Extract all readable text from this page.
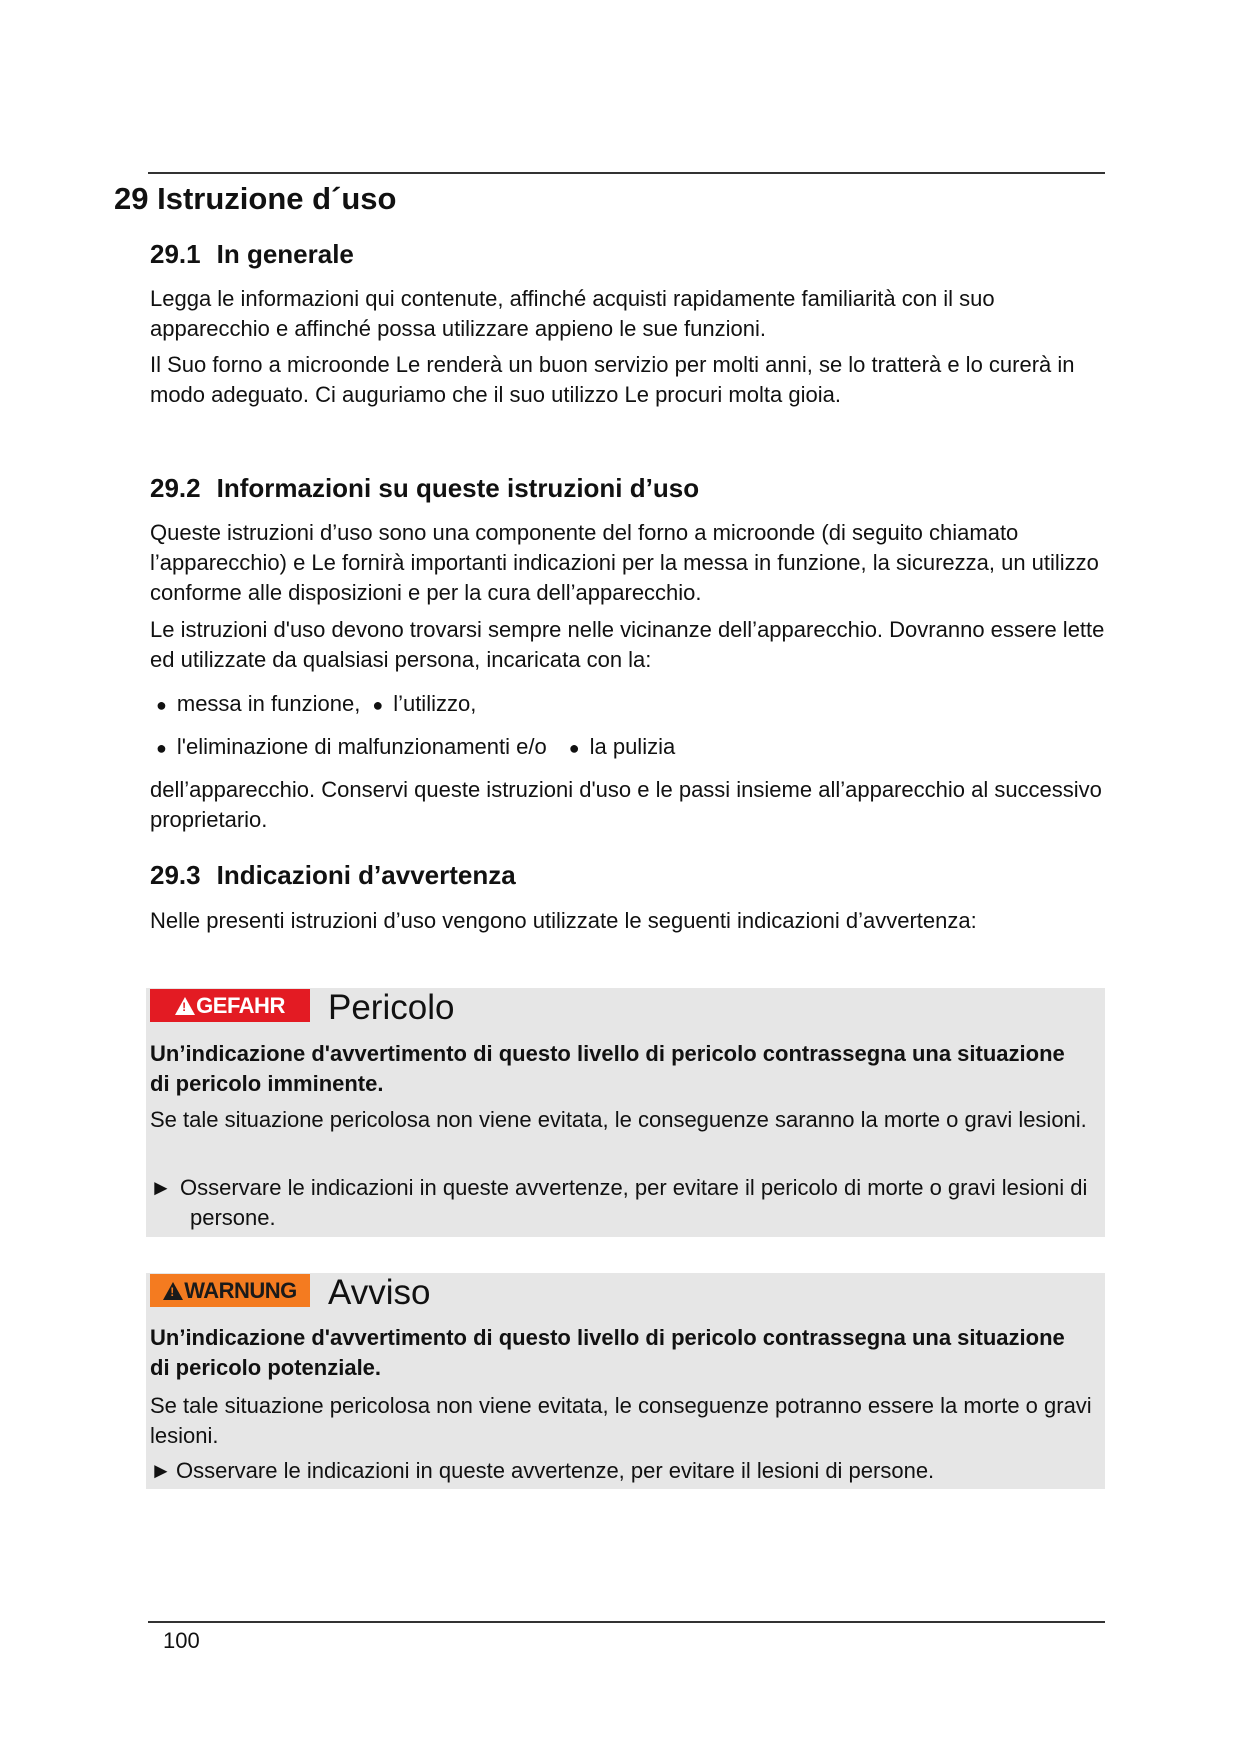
29 Istruzione d´uso
29.1 In generale

Legga le informazioni qui contenute, affinché acquisti rapidamente familiarità con il suo apparecchio e affinché possa utilizzare appieno le sue funzioni.

Il Suo forno a microonde Le renderà un buon servizio per molti anni, se lo tratterà e lo curerà in modo adeguato. Ci auguriamo che il suo utilizzo Le procuri molta gioia.

29.2 Informazioni su queste istruzioni d’uso

Queste istruzioni d’uso sono una componente del forno a microonde (di seguito chiamato l’apparecchio) e Le fornirà importanti indicazioni per la messa in funzione, la sicurezza, un utilizzo conforme alle disposizioni e per la cura dell’apparecchio.

Le istruzioni d'uso devono trovarsi sempre nelle vicinanze dell’apparecchio. Dovranno essere lette ed utilizzate da qualsiasi persona, incaricata con la:

● messa in funzione, ● l’utilizzo,
● l'eliminazione di malfunzionamenti e/o ● la pulizia

dell’apparecchio. Conservi queste istruzioni d'uso e le passi insieme all’apparecchio al successivo proprietario.

29.3 Indicazioni d’avvertenza

Nelle presenti istruzioni d’uso vengono utilizzate le seguenti indicazioni d’avvertenza:

!GEFAHR	Pericolo

Un’indicazione d'avvertimento di questo livello di pericolo contrassegna una situazione di pericolo imminente.

Se tale situazione pericolosa non viene evitata, le conseguenze saranno la morte o gravi lesioni.

► Osservare le indicazioni in queste avvertenze, per evitare il pericolo di morte o gravi lesioni di persone.

!WARNUNG Avviso

Un’indicazione d'avvertimento di questo livello di pericolo contrassegna una situazione di pericolo potenziale.

Se tale situazione pericolosa non viene evitata, le conseguenze potranno essere la morte o gravi lesioni.

► Osservare le indicazioni in queste avvertenze, per evitare il lesioni di persone.

100
